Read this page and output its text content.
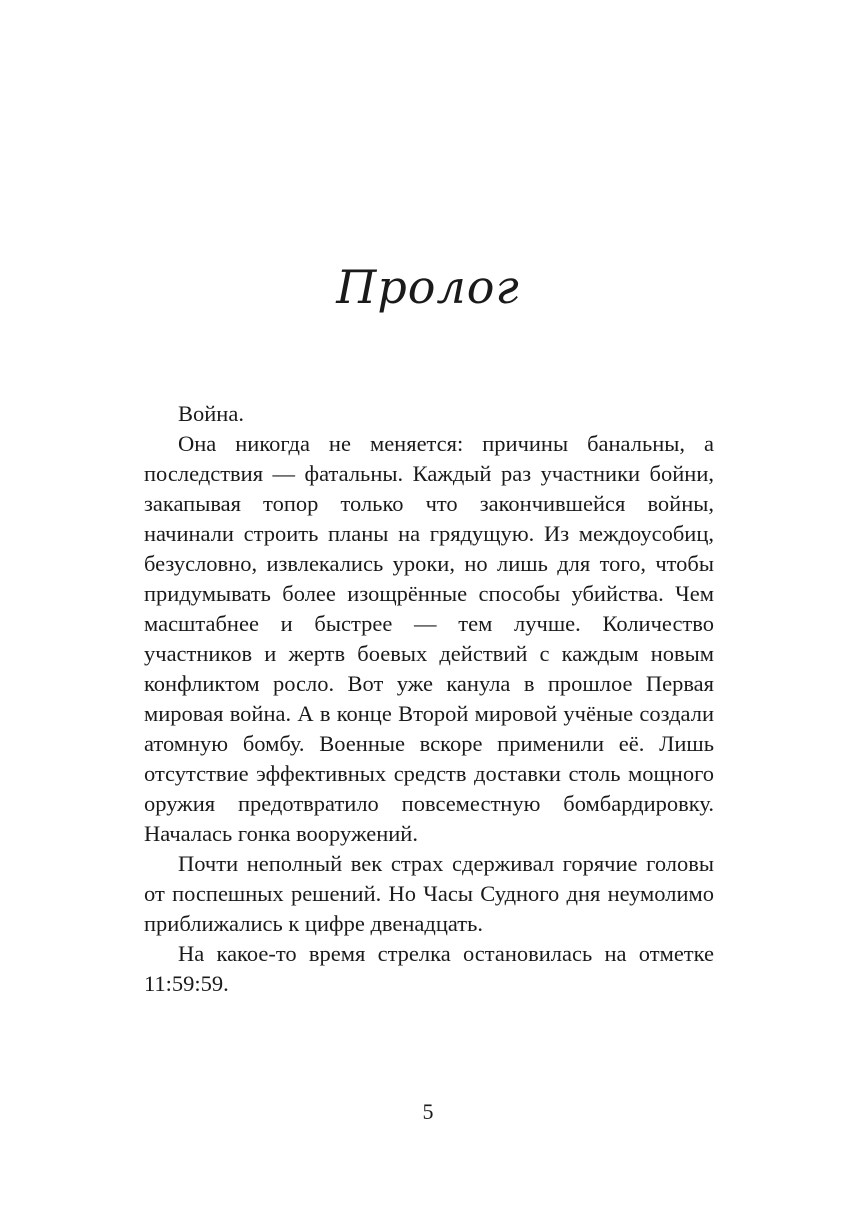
Пролог

Война.

Она никогда не меняется: причины банальны, а последствия — фатальны. Каждый раз участники бойни, закапывая топор только что закончившейся войны, начинали строить планы на грядущую. Из междоусобиц, безусловно, извлекались уроки, но лишь для того, чтобы придумывать более изощрённые способы убийства. Чем масштабнее и быстрее — тем лучше. Количество участников и жертв боевых действий с каждым новым конфликтом росло. Вот уже канула в прошлое Первая мировая война. А в конце Второй мировой учёные создали атомную бомбу. Военные вскоре применили её. Лишь отсутствие эффективных средств доставки столь мощного оружия предотвратило повсеместную бомбардировку. Началась гонка вооружений.

Почти неполный век страх сдерживал горячие головы от поспешных решений. Но Часы Судного дня неумолимо приближались к цифре двенадцать.

На какое-то время стрелка остановилась на отметке 11:59:59.

5
